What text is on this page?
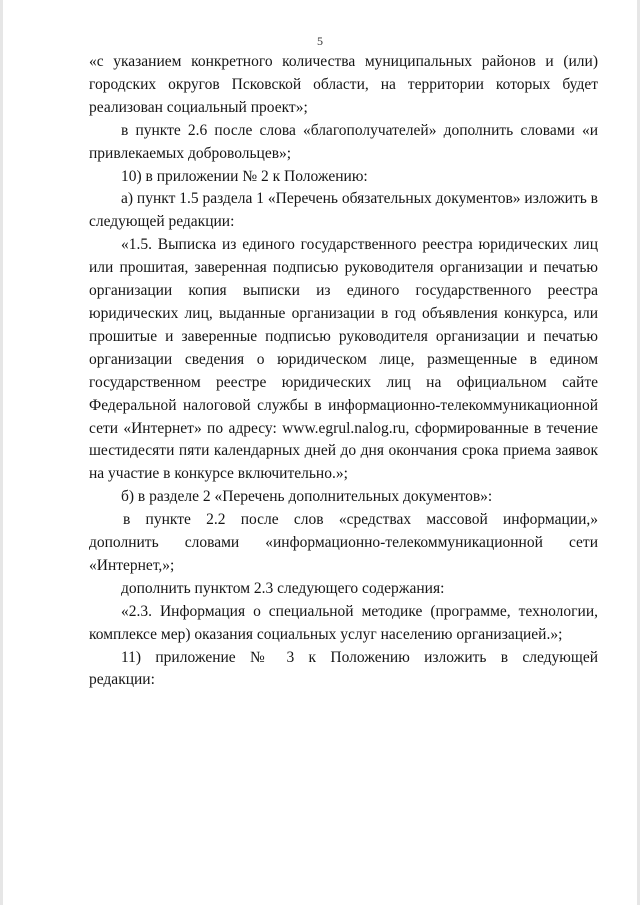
5

«с указанием конкретного количества муниципальных районов и (или) городских округов Псковской области, на территории которых будет реализован социальный проект»;

в пункте 2.6 после слова «благополучателей» дополнить словами «и привлекаемых добровольцев»;

10) в приложении № 2 к Положению:

а) пункт 1.5 раздела 1 «Перечень обязательных документов» изложить в следующей редакции:

«1.5. Выписка из единого государственного реестра юридических лиц или прошитая, заверенная подписью руководителя организации и печатью организации копия выписки из единого государственного реестра юридических лиц, выданные организации в год объявления конкурса, или прошитые и заверенные подписью руководителя организации и печатью организации сведения о юридическом лице, размещенные в едином государственном реестре юридических лиц на официальном сайте Федеральной налоговой службы в информационно-телекоммуникационной сети «Интернет» по адресу: www.egrul.nalog.ru, сформированные в течение шестидесяти пяти календарных дней до дня окончания срока приема заявок на участие в конкурсе включительно.»;

б) в разделе 2 «Перечень дополнительных документов»:

в пункте 2.2 после слов «средствах массовой информации,» дополнить словами «информационно-телекоммуникационной сети «Интернет,»;

дополнить пунктом 2.3 следующего содержания:

«2.3. Информация о специальной методике (программе, технологии, комплексе мер) оказания социальных услуг населению организацией.»;

11) приложение № 3 к Положению изложить в следующей редакции:
